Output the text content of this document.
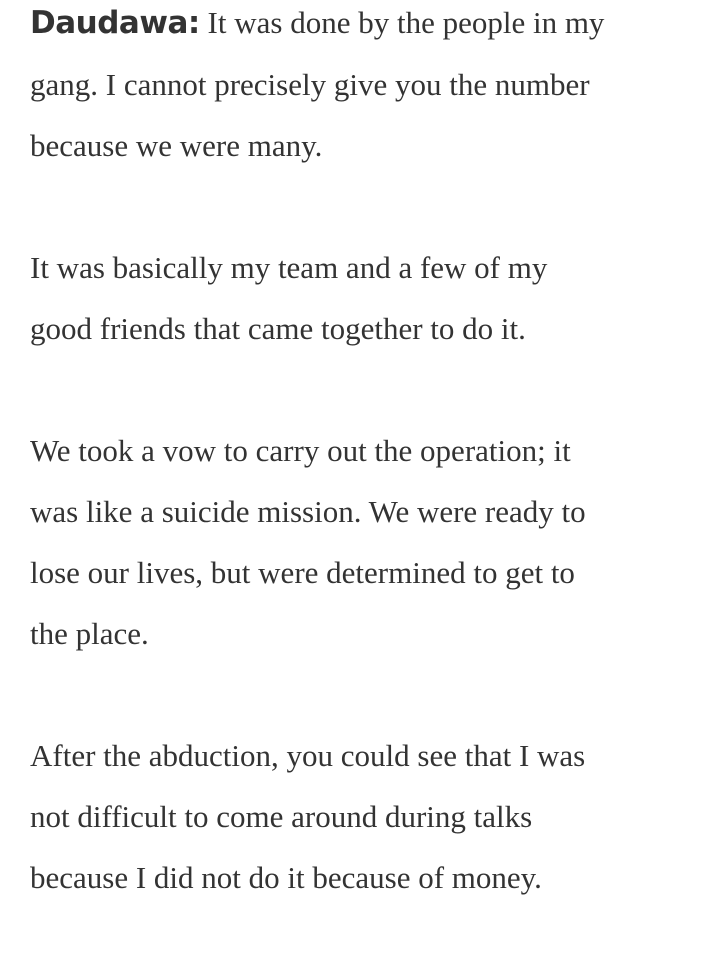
Daudawa: It was done by the people in my
gang. I cannot precisely give you the number
because we were many.

It was basically my team and a few of my
good friends that came together to do it.

We took a vow to carry out the operation; it
was like a suicide mission. We were ready to
lose our lives, but were determined to get to
the place.

After the abduction, you could see that I was
not difficult to come around during talks
because I did not do it because of money.
